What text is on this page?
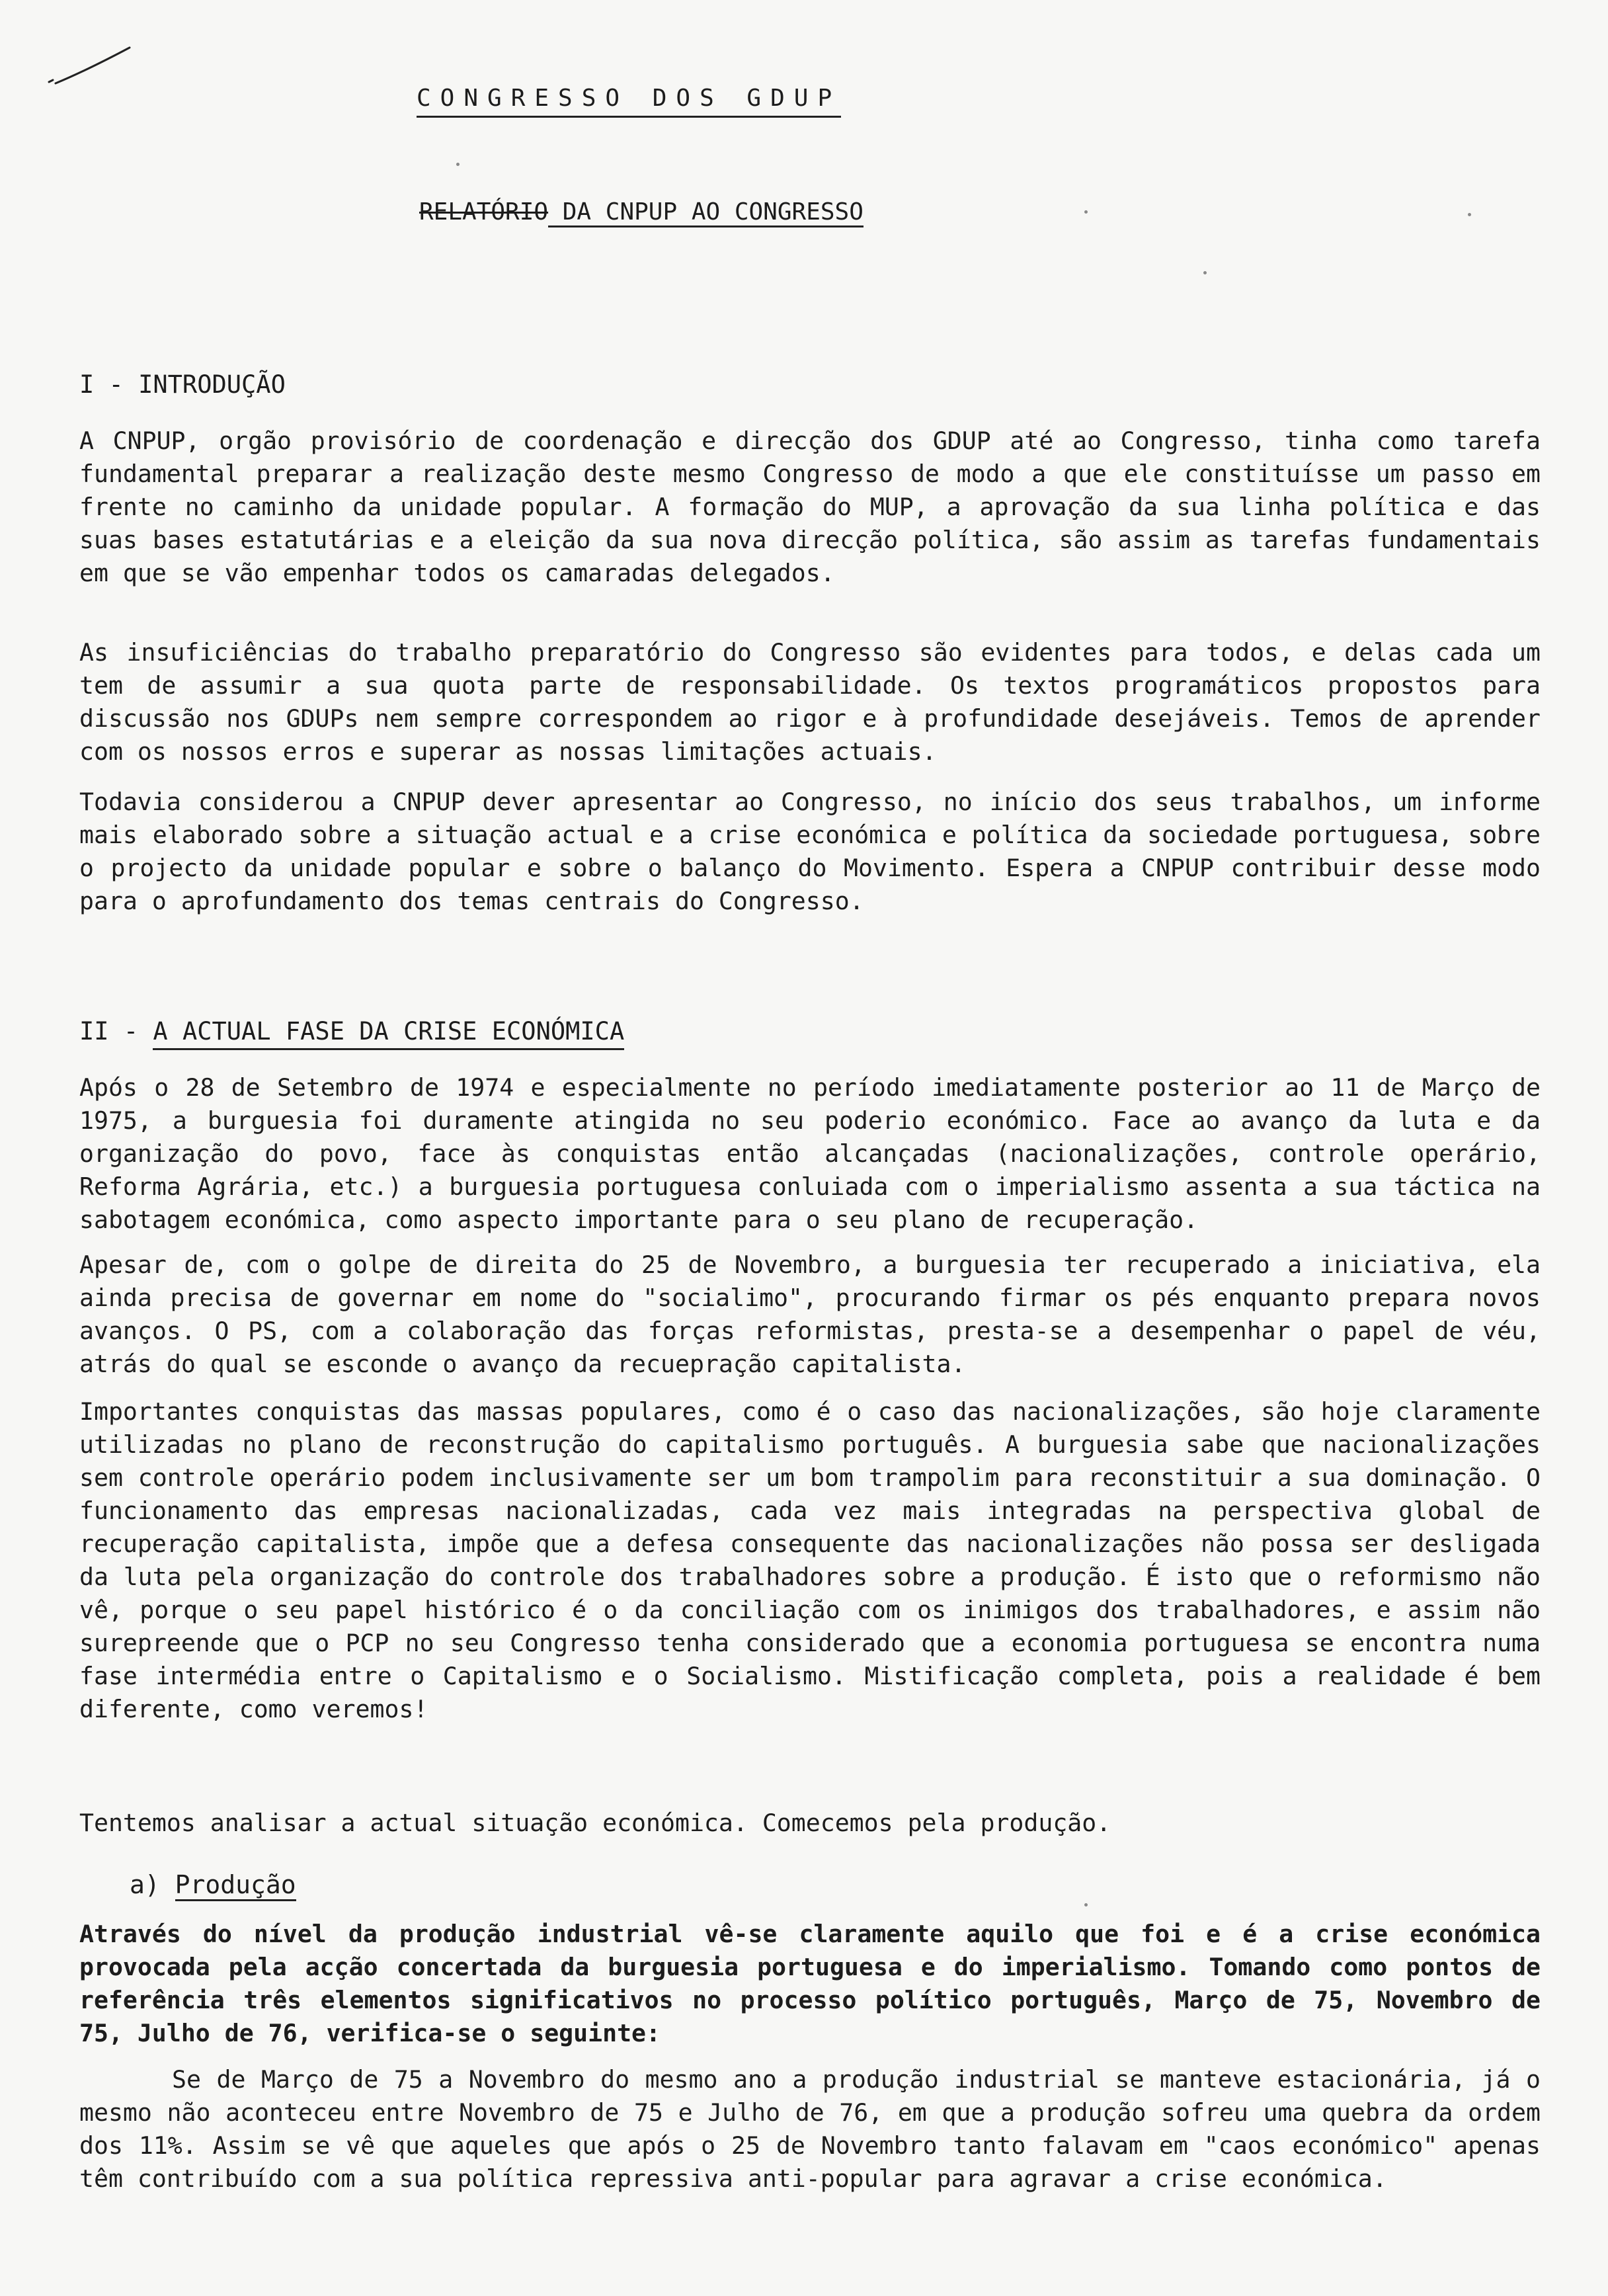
CONGRESSO DOS GDUP
RELATÓRIO DA CNPUP AO CONGRESSO
I - INTRODUÇÃO

A CNPUP, orgão provisório de coordenação e direcção dos GDUP até ao Congresso, tinha como tarefa fundamental preparar a realização deste mesmo Congresso de modo a que ele constituísse um passo em frente no caminho da unidade popular. A formação do MUP, a aprovação da sua linha política e das suas bases estatutárias e a eleição da sua nova direcção política, são assim as tarefas fundamentais em que se vão empenhar todos os camaradas delegados.

As insuficiências do trabalho preparatório do Congresso são evidentes para todos, e delas cada um tem de assumir a sua quota parte de responsabilidade. Os textos programáticos propostos para discussão nos GDUPs nem sempre correspondem ao rigor e à profundidade desejáveis. Temos de aprender com os nossos erros e superar as nossas limitações actuais.

Todavia considerou a CNPUP dever apresentar ao Congresso, no início dos seus trabalhos, um informe mais elaborado sobre a situação actual e a crise económica e política da sociedade portuguesa, sobre o projecto da unidade popular e sobre o balanço do Movimento. Espera a CNPUP contribuir desse modo para o aprofundamento dos temas centrais do Congresso.

II - A ACTUAL FASE DA CRISE ECONÓMICA

Após o 28 de Setembro de 1974 e especialmente no período imediatamente posterior ao 11 de Março de 1975, a burguesia foi duramente atingida no seu poderio económico. Face ao avanço da luta e da organização do povo, face às conquistas então alcançadas (nacionalizações, controle operário, Reforma Agrária, etc.) a burguesia portuguesa conluiada com o imperialismo assenta a sua táctica na sabotagem económica, como aspecto importante para o seu plano de recuperação.

Apesar de, com o golpe de direita do 25 de Novembro, a burguesia ter recuperado a iniciativa, ela ainda precisa de governar em nome do "socialimo", procurando firmar os pés enquanto prepara novos avanços. O PS, com a colaboração das forças reformistas, presta-se a desempenhar o papel de véu, atrás do qual se esconde o avanço da recuepração capitalista.

Importantes conquistas das massas populares, como é o caso das nacionalizações, são hoje claramente utilizadas no plano de reconstrução do capitalismo português. A burguesia sabe que nacionalizações sem controle operário podem inclusivamente ser um bom trampolim para reconstituir a sua dominação. O funcionamento das empresas nacionalizadas, cada vez mais integradas na perspectiva global de recuperação capitalista, impõe que a defesa consequente das nacionalizações não possa ser desligada da luta pela organização do controle dos trabalhadores sobre a produção. É isto que o reformismo não vê, porque o seu papel histórico é o da conciliação com os inimigos dos trabalhadores, e assim não surepreende que o PCP no seu Congresso tenha considerado que a economia portuguesa se encontra numa fase intermédia entre o Capitalismo e o Socialismo. Mistificação completa, pois a realidade é bem diferente, como veremos!

Tentemos analisar a actual situação económica. Comecemos pela produção.

a) Produção

Através do nível da produção industrial vê-se claramente aquilo que foi e é a crise económica provocada pela acção concertada da burguesia portuguesa e do imperialismo. Tomando como pontos de referência três elementos significativos no processo político português, Março de 75, Novembro de 75, Julho de 76, verifica-se o seguinte:

Se de Março de 75 a Novembro do mesmo ano a produção industrial se manteve estacionária, já o mesmo não aconteceu entre Novembro de 75 e Julho de 76, em que a produção sofreu uma quebra da ordem dos 11%. Assim se vê que aqueles que após o 25 de Novembro tanto falavam em "caos económico" apenas têm contribuído com a sua política repressiva anti-popular para agravar a crise económica.
